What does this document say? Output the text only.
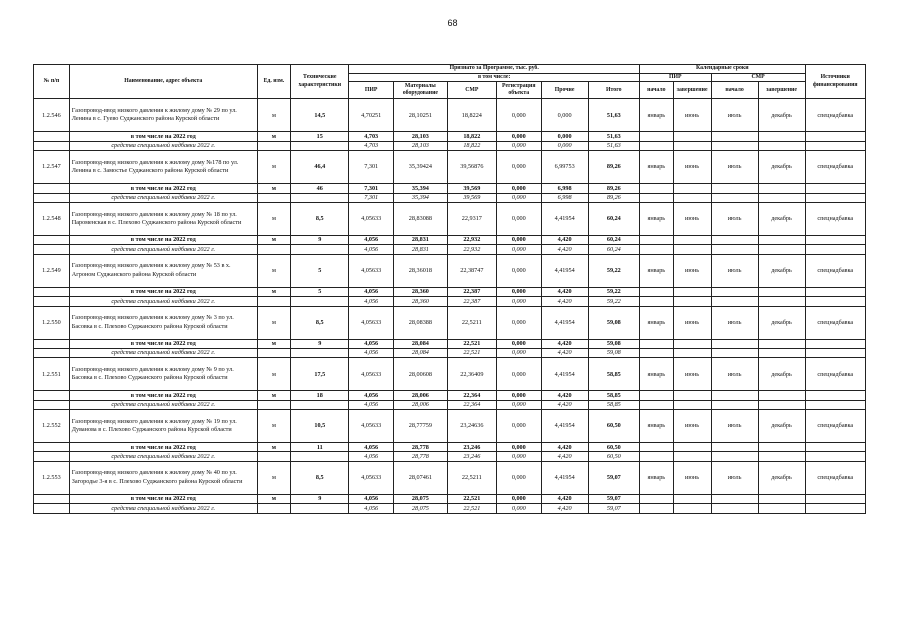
68
№ п/п	Наименование, адрес объекта	Ед. изм.	Технические характеристики	Признато за Программе, тыс. руб.						Календарные сроки				Источники финансирования
				в том числе:						ПИР		СМР		
				ПИР	Материалы оборудование	СМР	Регистрация объекта	Прочие	Итого	начало	завершение	начало	завершение	
1.2.546	Газопровод-ввод низкого давления к жилому дому № 29 по ул. Ленина в с. Гуево Суджанского района Курской области	м	14,5	4,70251	28,10251	18,8224	0,000	0,000	51,63	январь	июнь	июль	декабрь	спецнадбавка
	в том числе на 2022 год	м	15	4,703	28,103	18,822	0,000	0,000	51,63					
	средства специальной надбавки 2022 г.			4,703	28,103	18,822	0,000	0,000	51,63					
1.2.547	Газопровод-ввод низкого давления к жилому дому №178 по ул. Ленина в с. Замостье Суджанского района Курской области	м	46,4	7,301	35,39424	39,56876	0,000	6,99753	89,26	январь	июнь	июль	декабрь	спецнадбавка
	в том числе на 2022 год	м	46	7,301	35,394	39,569	0,000	6,998	89,26					
	средства специальной надбавки 2022 г.			7,301	35,394	39,569	0,000	6,998	89,26					
1.2.548	Газопровод-ввод низкого давления к жилому дому № 18 по ул. Пароменская в с. Плехово Суджанского района Курской области	м	8,5	4,05633	28,83088	22,9317	0,000	4,41954	60,24	январь	июнь	июль	декабрь	спецнадбавка
	в том числе на 2022 год	м	9	4,056	28,831	22,932	0,000	4,420	60,24					
	средства специальной надбавки 2022 г.			4,056	28,831	22,932	0,000	4,420	60,24					
1.2.549	Газопровод-ввод низкого давления к жилому дому № 53 в х. Агроном Суджанского района Курской области	м	5	4,05633	28,36018	22,38747	0,000	4,41954	59,22	январь	июнь	июль	декабрь	спецнадбавка
	в том числе на 2022 год	м	5	4,056	28,360	22,387	0,000	4,420	59,22					
	средства специальной надбавки 2022 г.			4,056	28,360	22,387	0,000	4,420	59,22					
1.2.550	Газопровод-ввод низкого давления к жилому дому № 3 по ул. Басовка в с. Плехово Суджанского района Курской области	м	8,5	4,05633	28,08388	22,5211	0,000	4,41954	59,08	январь	июнь	июль	декабрь	спецнадбавка
	в том числе на 2022 год	м	9	4,056	28,084	22,521	0,000	4,420	59,08					
	средства специальной надбавки 2022 г.			4,056	28,084	22,521	0,000	4,420	59,08					
1.2.551	Газопровод-ввод низкого давления к жилому дому № 9 по ул. Басовка в с. Плехово Суджанского района Курской области	м	17,5	4,05633	28,00608	22,36409	0,000	4,41954	58,85	январь	июнь	июль	декабрь	спецнадбавка
	в том числе на 2022 год	м	18	4,056	28,006	22,364	0,000	4,420	58,85					
	средства специальной надбавки 2022 г.			4,056	28,006	22,364	0,000	4,420	58,85					
1.2.552	Газопровод-ввод низкого давления к жилому дому № 19 по ул. Дуванова в с. Плехово Суджанского района Курской области	м	10,5	4,05633	28,77759	23,24636	0,000	4,41954	60,50	январь	июнь	июль	декабрь	спецнадбавка
	в том числе на 2022 год	м	11	4,056	28,778	23,246	0,000	4,420	60,50					
	средства специальной надбавки 2022 г.			4,056	28,778	23,246	0,000	4,420	60,50					
1.2.553	Газопровод-ввод низкого давления к жилому дому № 40 по ул. Загородье 3-я в с. Плехово Суджанского района Курской области	м	8,5	4,05633	28,07461	22,5211	0,000	4,41954	59,07	январь	июнь	июль	декабрь	спецнадбавка
	в том числе на 2022 год	м	9	4,056	28,075	22,521	0,000	4,420	59,07					
	средства специальной надбавки 2022 г.			4,056	28,075	22,521	0,000	4,420	59,07					
